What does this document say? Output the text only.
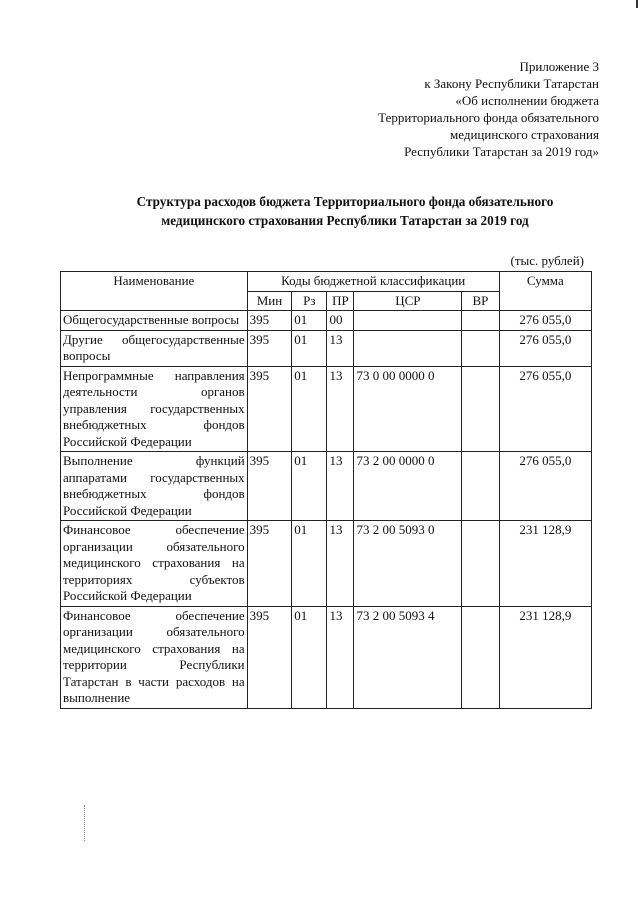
Приложение 3
к Закону Республики Татарстан
«Об исполнении бюджета
Территориального фонда обязательного
медицинского страхования
Республики Татарстан за 2019 год»
Структура расходов бюджета Территориального фонда обязательного
медицинского страхования Республики Татарстан за 2019 год
(тыс. рублей)
Наименование	Коды бюджетной классификации					Сумма
	Мин	Рз	ПР	ЦСР	ВР	
Общегосударственные вопросы	395	01	00			276 055,0
Другие общегосударственные вопросы	395	01	13			276 055,0
Непрограммные направления деятельности органов управления государственных внебюджетных фондов Российской Федерации	395	01	13	73 0 00 0000 0		276 055,0
Выполнение функций аппаратами государственных внебюджетных фондов Российской Федерации	395	01	13	73 2 00 0000 0		276 055,0
Финансовое обеспечение организации обязательного медицинского страхования на территориях субъектов Российской Федерации	395	01	13	73 2 00 5093 0		231 128,9
Финансовое обеспечение организации обязательного медицинского страхования на территории Республики Татарстан в части расходов на выполнение	395	01	13	73 2 00 5093 4		231 128,9
